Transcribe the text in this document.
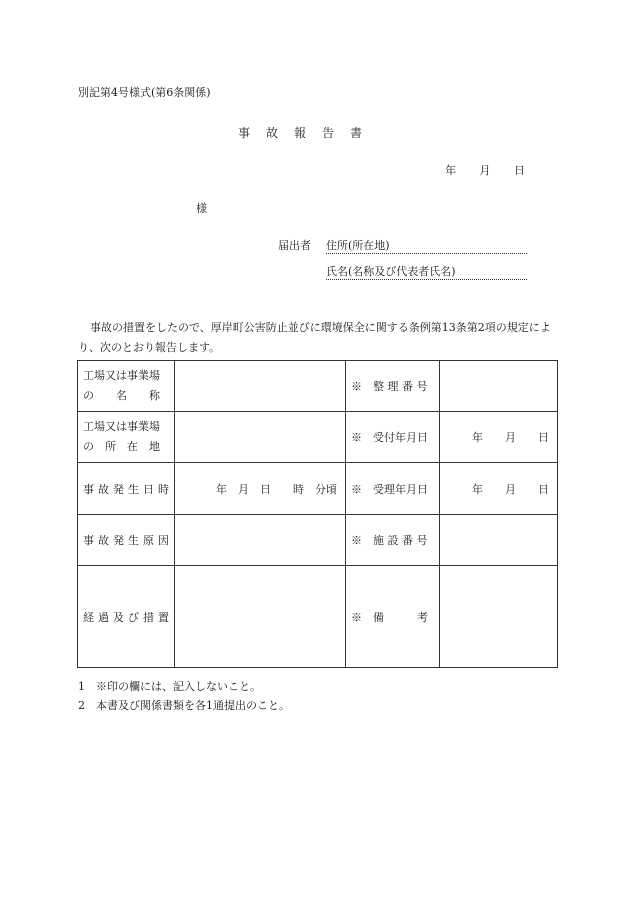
別記第4号様式(第6条関係)
事故報告書
年 月 日
様
届出者 住所(所在地)
氏名(名称及び代表者氏名)
事故の措置をしたので、厚岸町公害防止並びに環境保全に関する条例第13条第2項の規定により、次のとおり報告します。
工場又は事業場
の　　名　　称		※　整 理 番 号	

工場又は事業場
の　所　在　地		※　受付年月日	年　　月　　日
事故発生日時	年　月　日　　時　分頃	※　受理年月日	年　　月　　日
事故発生原因		※　施 設 番 号	
経過及び措置		※　備　　　考	
1　※印の欄には、記入しないこと。
2　本書及び関係書類を各1通提出のこと。
